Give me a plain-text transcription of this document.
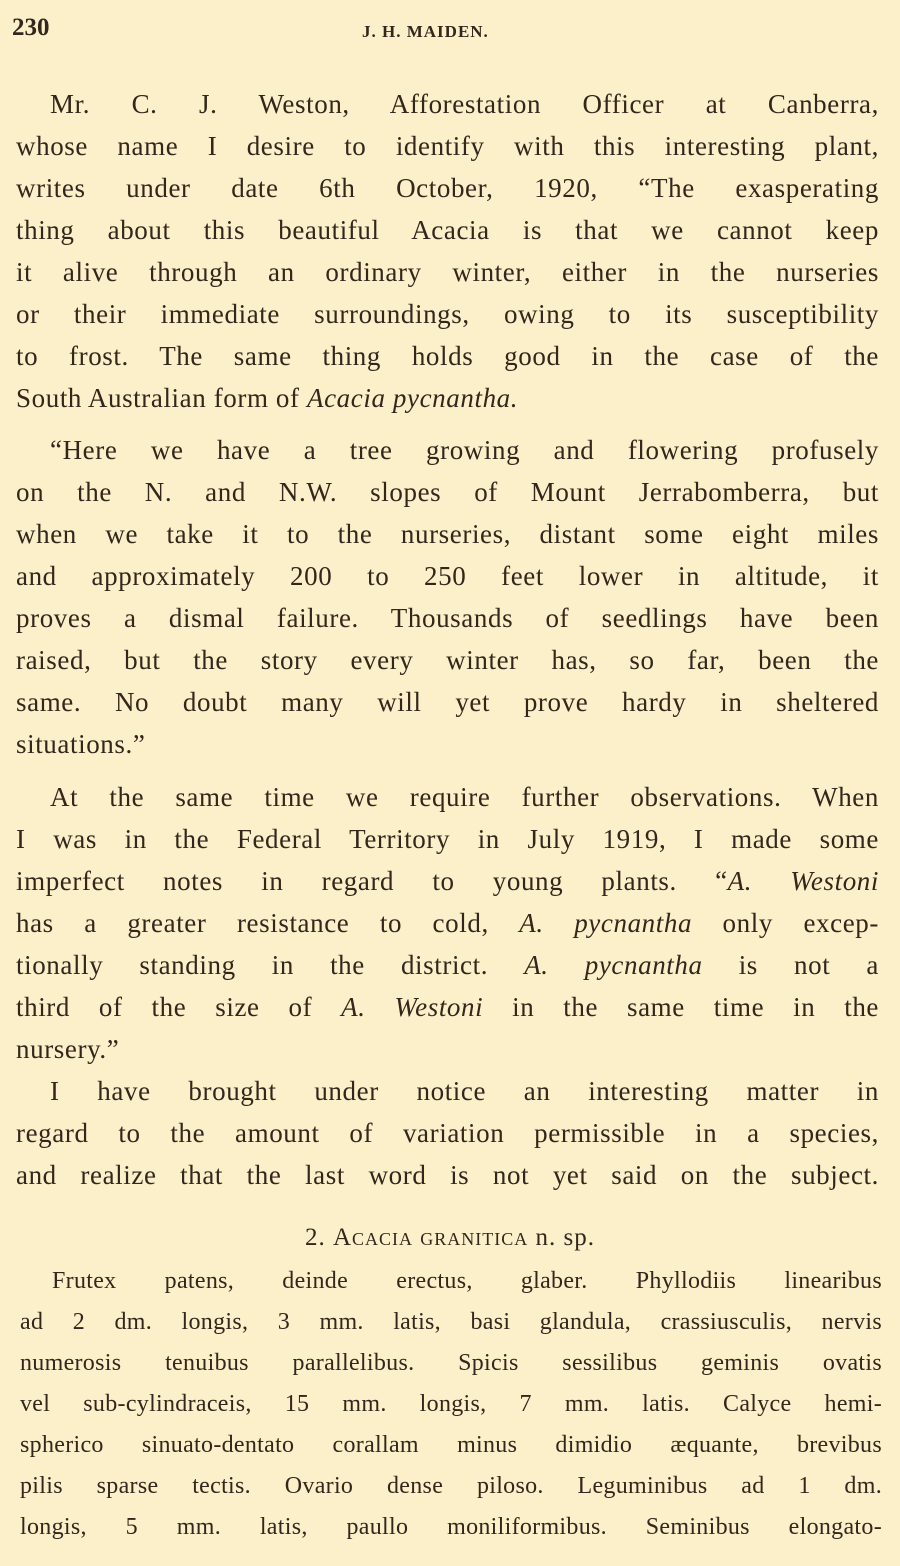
230	J. H. MAIDEN.
Mr. C. J. Weston, Afforestation Officer at Canberra,
whose name I desire to identify with this interesting plant,
writes under date 6th October, 1920, “The exasperating
thing about this beautiful Acacia is that we cannot keep
it alive through an ordinary winter, either in the nurseries
or their immediate surroundings, owing to its susceptibility
to frost. The same thing holds good in the case of the
South Australian form of Acacia pycnantha.
“Here we have a tree growing and flowering profusely
on the N. and N.W. slopes of Mount Jerrabomberra, but
when we take it to the nurseries, distant some eight miles
and approximately 200 to 250 feet lower in altitude, it
proves a dismal failure. Thousands of seedlings have been
raised, but the story every winter has, so far, been the
same. No doubt many will yet prove hardy in sheltered
situations.”
At the same time we require further observations. When
I was in the Federal Territory in July 1919, I made some
imperfect notes in regard to young plants. “A. Westoni
has a greater resistance to cold, A. pycnantha only excep-
tionally standing in the district. A. pycnantha is not a
third of the size of A. Westoni in the same time in the
nursery.”
I have brought under notice an interesting matter in
regard to the amount of variation permissible in a species,
and realize that the last word is not yet said on the subject.
2. Acacia granitica n. sp.
Frutex patens, deinde erectus, glaber. Phyllodiis linearibus
ad 2 dm. longis, 3 mm. latis, basi glandula, crassiusculis, nervis
numerosis tenuibus parallelibus. Spicis sessilibus geminis ovatis
vel sub-cylindraceis, 15 mm. longis, 7 mm. latis. Calyce hemi-
spherico sinuato-dentato corallam minus dimidio æquante, brevibus
pilis sparse tectis. Ovario dense piloso. Leguminibus ad 1 dm.
longis, 5 mm. latis, paullo moniliformibus. Seminibus elongato-
